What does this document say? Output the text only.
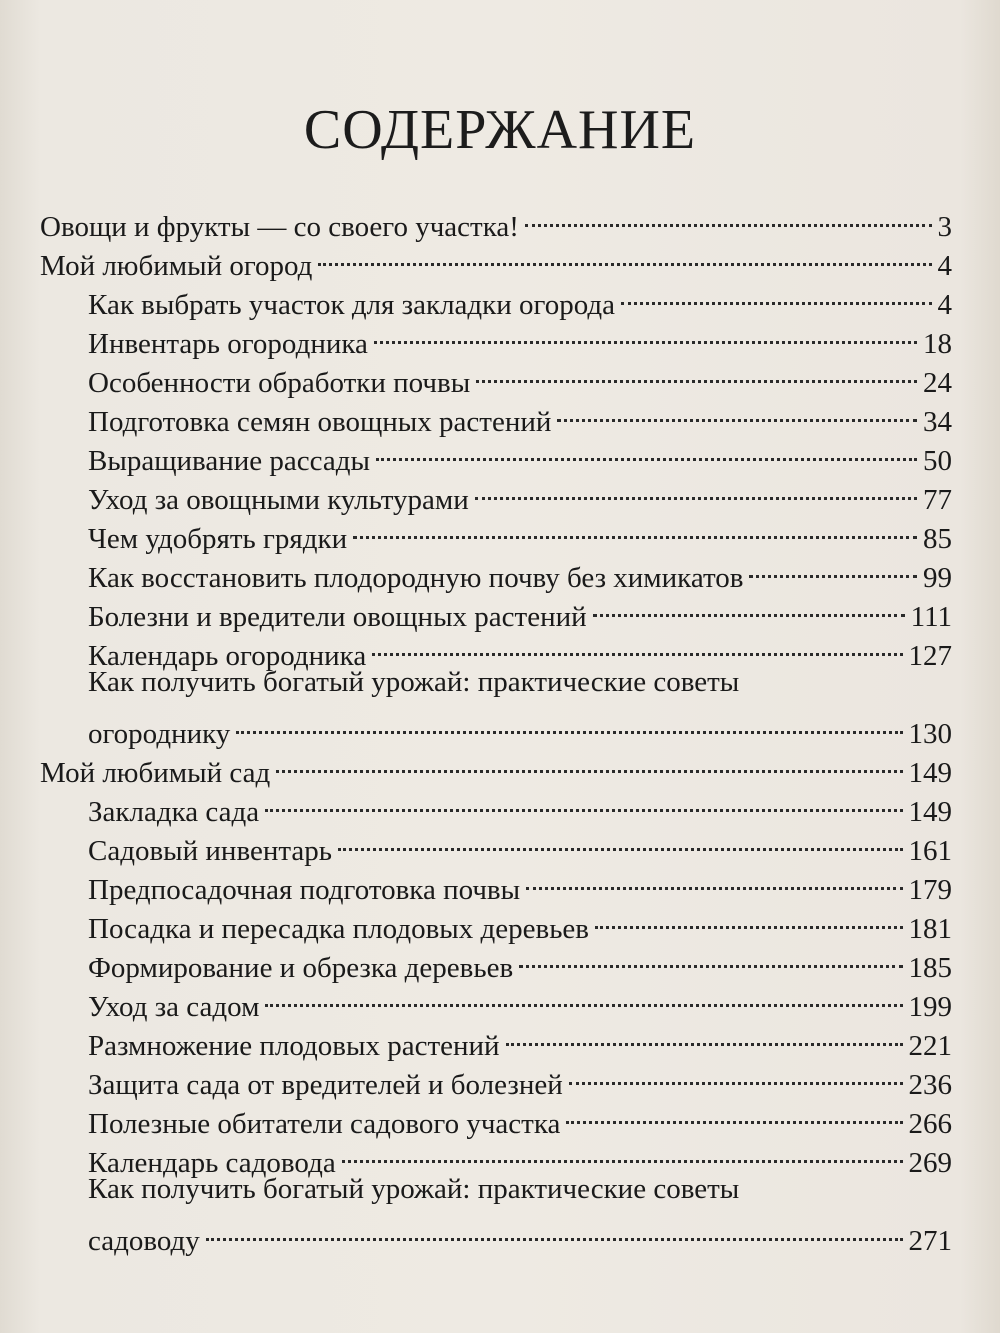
СОДЕРЖАНИЕ
Овощи и фрукты — со своего участка!	3
Мой любимый огород	4
Как выбрать участок для закладки огорода	4
Инвентарь огородника	18
Особенности обработки почвы	24
Подготовка семян овощных растений	34
Выращивание рассады	50
Уход за овощными культурами	77
Чем удобрять грядки	85
Как восстановить плодородную почву без химикатов	99
Болезни и вредители овощных растений	111
Календарь огородника	127
Как получить богатый урожай: практические советы
огороднику	130
Мой любимый сад	149
Закладка сада	149
Садовый инвентарь	161
Предпосадочная подготовка почвы	179
Посадка и пересадка плодовых деревьев	181
Формирование и обрезка деревьев	185
Уход за садом	199
Размножение плодовых растений	221
Защита сада от вредителей и болезней	236
Полезные обитатели садового участка	266
Календарь садовода	269
Как получить богатый урожай: практические советы
садоводу	271
